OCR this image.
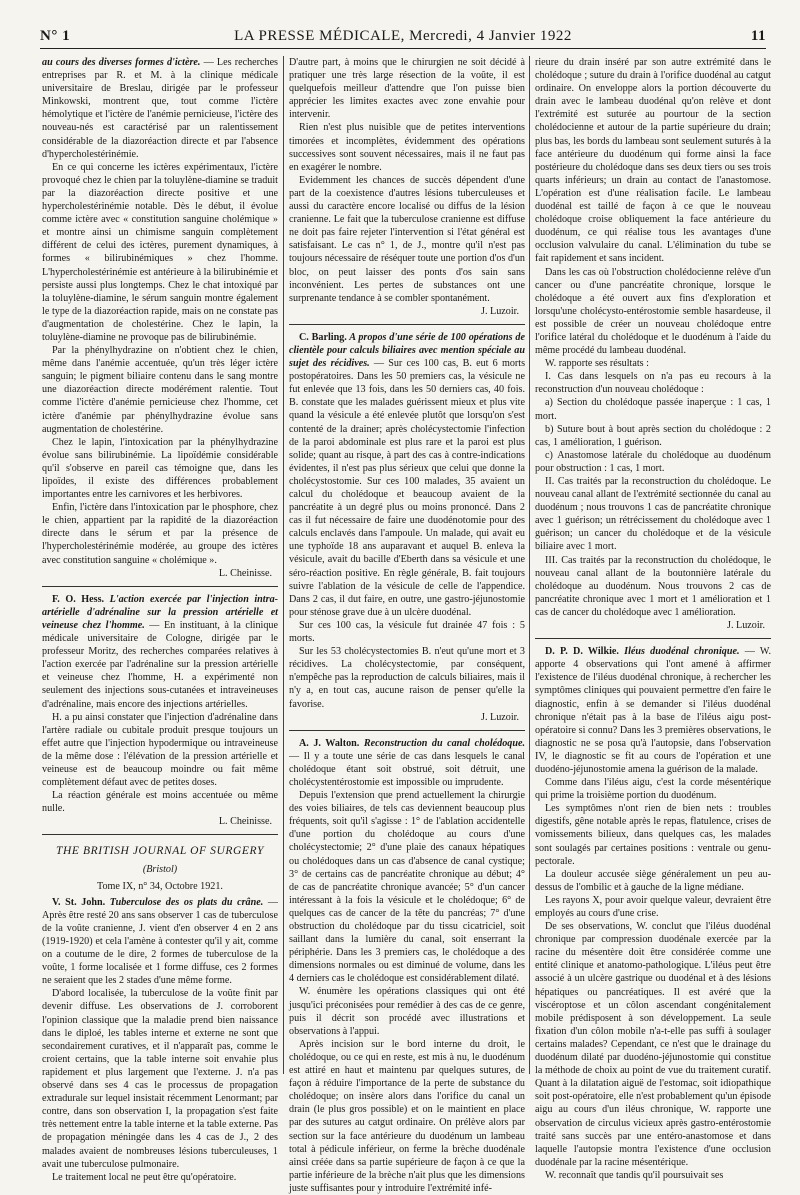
N° 1	LA PRESSE MÉDICALE, Mercredi, 4 Janvier 1922	11

au cours des diverses formes d'ictère. — Les recherches entreprises par R. et M. à la clinique médicale universitaire de Breslau, dirigée par le professeur Minkowski, montrent que, tout comme l'ictère hémolytique et l'ictère de l'anémie pernicieuse, l'ictère des nouveau-nés est caractérisé par un ralentissement considérable de la diazoréaction directe et par l'absence d'hypercholestérinémie.

En ce qui concerne les ictères expérimentaux, l'ictère provoqué chez le chien par la toluylène-diamine se traduit par la diazoréaction directe positive et une hypercholestérinémie notable. Dès le début, il évolue comme ictère avec « constitution sanguine cholémique » et montre ainsi un chimisme sanguin complètement différent de celui des ictères, purement dynamiques, à formes « bilirubinémiques » chez l'homme. L'hypercholestérinémie est antérieure à la bilirubinémie et persiste aussi plus longtemps. Chez le chat intoxiqué par la toluylène-diamine, le sérum sanguin montre également le type de la diazoréaction rapide, mais on ne constate pas d'augmentation de cholestérine. Chez le lapin, la toluylène-diamine ne provoque pas de bilirubinémie.

Par la phénylhydrazine on n'obtient chez le chien, même dans l'anémie accentuée, qu'un très léger ictère sanguin; le pigment biliaire contenu dans le sang montre une diazoréaction directe modérément ralentie. Tout comme l'ictère d'anémie pernicieuse chez l'homme, cet ictère d'anémie par phénylhydrazine évolue sans augmentation de cholestérine.

Chez le lapin, l'intoxication par la phénylhydrazine évolue sans bilirubinémie. La lipoïdémie considérable qu'il s'observe en pareil cas témoigne que, dans les lipoïdes, il existe des différences probablement importantes entre les carnivores et les herbivores.

Enfin, l'ictère dans l'intoxication par le phosphore, chez le chien, appartient par la rapidité de la diazoréaction directe dans le sérum et par la présence de l'hypercholestérinémie modérée, au groupe des ictères avec constitution sanguine « cholémique ».

L. Cheinisse.

F. O. Hess. L'action exercée par l'injection intra-artérielle d'adrénaline sur la pression artérielle et veineuse chez l'homme. — En instituant, à la clinique médicale universitaire de Cologne, dirigée par le professeur Moritz, des recherches comparées relatives à l'action exercée par l'adrénaline sur la pression artérielle et veineuse chez l'homme, H. a expérimenté non seulement des injections sous-cutanées et intraveineuses d'adrénaline, mais encore des injections artérielles.

H. a pu ainsi constater que l'injection d'adrénaline dans l'artère radiale ou cubitale produit presque toujours un effet autre que l'injection hypodermique ou intraveineuse de la même dose : l'élévation de la pression artérielle et veineuse est de beaucoup moindre ou fait même complètement défaut avec de petites doses.

La réaction générale est moins accentuée ou même nulle.

L. Cheinisse.

THE BRITISH JOURNAL OF SURGERY

(Bristol)

Tome IX, n° 34, Octobre 1921.

V. St. John. Tuberculose des os plats du crâne. — Après être resté 20 ans sans observer 1 cas de tuberculose de la voûte cranienne, J. vient d'en observer 4 en 2 ans (1919-1920) et cela l'amène à contester qu'il y ait, comme on a coutume de le dire, 2 formes de tuberculose de la voûte, 1 forme localisée et 1 forme diffuse, ces 2 formes ne seraient que les 2 stades d'une même forme.

D'abord localisée, la tuberculose de la voûte finit par devenir diffuse. Les observations de J. corroborent l'opinion classique que la maladie prend bien naissance dans le diploé, les tables interne et externe ne sont que secondairement curatives, et il n'apparaît pas, comme le croient certains, que la table interne soit envahie plus rapidement et plus largement que l'externe. J. n'a pas observé dans ses 4 cas le processus de propagation extradurale sur lequel insistait récemment Lenormant; par contre, dans son observation I, la propagation s'est faite très nettement entre la table interne et la table externe. Pas de propagation méningée dans les 4 cas de J., 2 des malades avaient de nombreuses lésions tuberculeuses, 1 avait une tuberculose pulmonaire.

Le traitement local ne peut être qu'opératoire.

D'autre part, à moins que le chirurgien ne soit décidé à pratiquer une très large résection de la voûte, il est quelquefois meilleur d'attendre que l'on puisse bien apprécier les limites exactes avec zone envahie pour intervenir.

Rien n'est plus nuisible que de petites interventions timorées et incomplètes, évidemment des opérations successives sont souvent nécessaires, mais il ne faut pas en exagérer le nombre.

Evidemment les chances de succès dépendent d'une part de la coexistence d'autres lésions tuberculeuses et aussi du caractère encore localisé ou diffus de la lésion cranienne. Le fait que la tuberculose cranienne est diffuse ne doit pas faire rejeter l'intervention si l'état général est satisfaisant. Le cas n° 1, de J., montre qu'il n'est pas toujours nécessaire de réséquer toute une portion d'os d'un bloc, on peut laisser des ponts d'os sain sans inconvénient. Les pertes de substances ont une surprenante tendance à se combler spontanément.

J. Luzoir.

C. Barling. A propos d'une série de 100 opérations de clientèle pour calculs biliaires avec mention spéciale au sujet des récidives. — Sur ces 100 cas, B. eut 6 morts postopératoires. Dans les 50 premiers cas, la vésicule ne fut enlevée que 13 fois, dans les 50 derniers cas, 40 fois. B. constate que les malades guérissent mieux et plus vite quand la vésicule a été enlevée plutôt que lorsqu'on s'est contenté de la drainer; après cholécystectomie l'infection de la paroi abdominale est plus rare et la paroi est plus solide; quant au risque, à part des cas à contre-indications évidentes, il n'est pas plus sérieux que celui que donne la cholécystostomie. Sur ces 100 malades, 35 avaient un calcul du cholédoque et beaucoup avaient de la pancréatite à un degré plus ou moins prononcé. Dans 2 cas il fut nécessaire de faire une duodénotomie pour des calculs enclavés dans l'ampoule. Un malade, qui avait eu une typhoïde 18 ans auparavant et auquel B. enleva la vésicule, avait du bacille d'Eberth dans sa vésicule et une séro-réaction positive. En règle générale, B. fait toujours suivre l'ablation de la vésicule de celle de l'appendice. Dans 2 cas, il dut faire, en outre, une gastro-jéjunostomie pour sténose grave due à un ulcère duodénal.

Sur ces 100 cas, la vésicule fut drainée 47 fois : 5 morts.

Sur les 53 cholécystectomies B. n'eut qu'une mort et 3 récidives. La cholécystectomie, par conséquent, n'empêche pas la reproduction de calculs biliaires, mais il n'y a, en tout cas, aucune raison de penser qu'elle la favorise.

J. Luzoir.

A. J. Walton. Reconstruction du canal cholédoque. — Il y a toute une série de cas dans lesquels le canal cholédoque étant soit obstrué, soit détruit, une cholécystentérostomie est impossible ou imprudente.

Depuis l'extension que prend actuellement la chirurgie des voies biliaires, de tels cas deviennent beaucoup plus fréquents, soit qu'il s'agisse : 1° de l'ablation accidentelle d'une portion du cholédoque au cours d'une cholécystectomie; 2° d'une plaie des canaux hépatiques ou cholédoques dans un cas d'absence de canal cystique; 3° de certains cas de pancréatite chronique au début; 4° de cas de pancréatite chronique avancée; 5° d'un cancer intéressant à la fois la vésicule et le cholédoque; 6° de quelques cas de cancer de la tête du pancréas; 7° d'une obstruction du cholédoque par du tissu cicatriciel, soit saillant dans la lumière du canal, soit enserrant la périphérie. Dans les 3 premiers cas, le cholédoque a des dimensions normales ou est diminué de volume, dans les 4 derniers cas le cholédoque est considérablement dilaté.

W. énumère les opérations classiques qui ont été jusqu'ici préconisées pour remédier à des cas de ce genre, puis il décrit son procédé avec illustrations et observations à l'appui.

Après incision sur le bord interne du droit, le cholédoque, ou ce qui en reste, est mis à nu, le duodénum est attiré en haut et maintenu par quelques sutures, de façon à réduire l'importance de la perte de substance du cholédoque; on insère alors dans l'orifice du canal un drain (le plus gros possible) et on le maintient en place par des sutures au catgut ordinaire. On prélève alors par section sur la face antérieure du duodénum un lambeau total à pédicule inférieur, on ferme la brèche duodénale ainsi créée dans sa partie supérieure de façon à ce que la partie inférieure de la brèche n'ait plus que les dimensions juste suffisantes pour y introduire l'extrémité infé-

rieure du drain inséré par son autre extrémité dans le cholédoque ; suture du drain à l'orifice duodénal au catgut ordinaire. On enveloppe alors la portion découverte du drain avec le lambeau duodénal qu'on relève et dont l'extrémité est suturée au pourtour de la section cholédocienne et autour de la partie supérieure du drain; plus bas, les bords du lambeau sont seulement suturés à la face antérieure du duodénum qui forme ainsi la face postérieure du cholédoque dans ses deux tiers ou ses trois quarts inférieurs; un drain au contact de l'anastomose. L'opération est d'une réalisation facile. Le lambeau duodénal est taillé de façon à ce que le nouveau cholédoque croise obliquement la face antérieure du duodénum, ce qui réalise tous les avantages d'une occlusion valvulaire du canal. L'élimination du tube se fait rapidement et sans incident.

Dans les cas où l'obstruction cholédocienne relève d'un cancer ou d'une pancréatite chronique, lorsque le cholédoque a été ouvert aux fins d'exploration et lorsqu'une cholécysto-entérostomie semble hasardeuse, il est possible de créer un nouveau cholédoque entre l'orifice latéral du cholédoque et le duodénum à l'aide du même procédé du lambeau duodénal.

W. rapporte ses résultats :

I. Cas dans lesquels on n'a pas eu recours à la reconstruction d'un nouveau cholédoque :

a) Section du cholédoque passée inaperçue : 1 cas, 1 mort.

b) Suture bout à bout après section du cholédoque : 2 cas, 1 amélioration, 1 guérison.

c) Anastomose latérale du cholédoque au duodénum pour obstruction : 1 cas, 1 mort.

II. Cas traités par la reconstruction du cholédoque. Le nouveau canal allant de l'extrémité sectionnée du canal au duodénum ; nous trouvons 1 cas de pancréatite chronique avec 1 guérison; un rétrécissement du cholédoque avec 1 guérison; un cancer du cholédoque et de la vésicule biliaire avec 1 mort.

III. Cas traités par la reconstruction du cholédoque, le nouveau canal allant de la boutonnière latérale du cholédoque au duodénum. Nous trouvons 2 cas de pancréatite chronique avec 1 mort et 1 amélioration et 1 cas de cancer du cholédoque avec 1 amélioration.

J. Luzoir.

D. P. D. Wilkie. Iléus duodénal chronique. — W. apporte 4 observations qui l'ont amené à affirmer l'existence de l'iléus duodénal chronique, à rechercher les symptômes cliniques qui pouvaient permettre d'en faire le diagnostic, enfin à se demander si l'iléus duodénal chronique n'était pas à la base de l'iléus aigu post-opératoire si connu? Dans les 3 premières observations, le diagnostic ne se posa qu'à l'autopsie, dans l'observation IV, le diagnostic se fit au cours de l'opération et une duodéno-jéjunostomie amena la guérison de la malade.

Comme dans l'iléus aigu, c'est la corde mésentérique qui prime la troisième portion du duodénum.

Les symptômes n'ont rien de bien nets : troubles digestifs, gêne notable après le repas, flatulence, crises de vomissements bilieux, dans quelques cas, les malades sont soulagés par certaines positions : ventrale ou genu-pectorale.

La douleur accusée siège généralement un peu au-dessus de l'ombilic et à gauche de la ligne médiane.

Les rayons X, pour avoir quelque valeur, devraient être employés au cours d'une crise.

De ses observations, W. conclut que l'iléus duodénal chronique par compression duodénale exercée par la racine du mésentère doit être considérée comme une entité clinique et anatomo-pathologique. L'iléus peut être associé à un ulcère gastrique ou duodénal et à des lésions hépatiques ou pancréatiques. Il est avéré que la viscéroptose et un côlon ascendant congénitalement mobile prédisposent à son développement. La seule fixation d'un côlon mobile n'a-t-elle pas suffi à soulager certains malades? Cependant, ce n'est que le drainage du duodénum dilaté par duodéno-jéjunostomie qui constitue la méthode de choix au point de vue du traitement curatif. Quant à la dilatation aiguë de l'estomac, soit idiopathique soit post-opératoire, elle n'est probablement qu'un épisode aigu au cours d'un iléus chronique, W. rapporte une observation de circulus vicieux après gastro-entérostomie traité sans succès par une entéro-anastomose et dans laquelle l'autopsie montra l'existence d'une occlusion duodénale par la racine mésentérique.

W. reconnaît que tandis qu'il poursuivait ses
